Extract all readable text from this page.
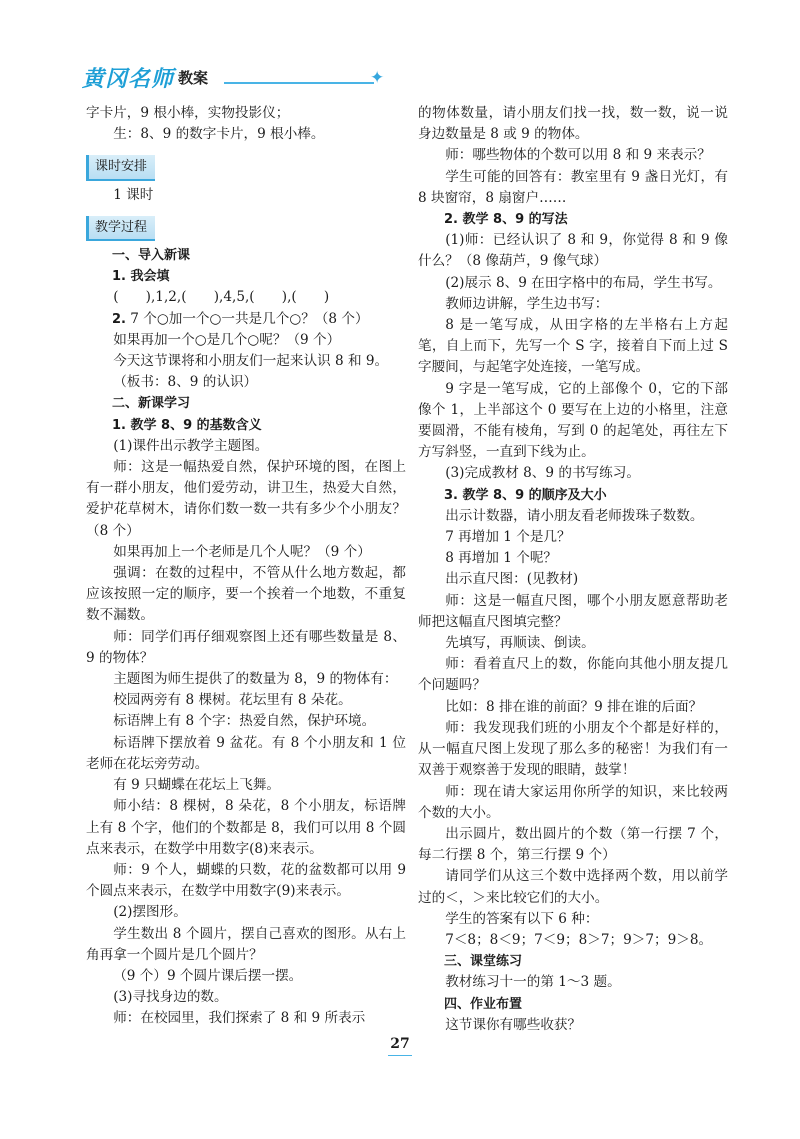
黄冈名师 教案	✦

字卡片，9 根小棒，实物投影仪；

生：8、9 的数字卡片，9 根小棒。

课时安排

1 课时

教学过程

一、导入新课

1. 我会填

(　　),1,2,(　　),4,5,(　　),(　　)

2. 7 个○加一个○一共是几个○？（8 个）

如果再加一个○是几个○呢？（9 个）

今天这节课将和小朋友们一起来认识 8 和 9。

（板书：8、9 的认识）

二、新课学习

1. 教学 8、9 的基数含义

(1)课件出示教学主题图。

师：这是一幅热爱自然，保护环境的图，在图上有一群小朋友，他们爱劳动，讲卫生，热爱大自然，爱护花草树木，请你们数一数一共有多少个小朋友？（8 个）

如果再加上一个老师是几个人呢？（9 个）

强调：在数的过程中，不管从什么地方数起，都应该按照一定的顺序，要一个挨着一个地数，不重复数不漏数。

师：同学们再仔细观察图上还有哪些数量是 8、9 的物体？

主题图为师生提供了的数量为 8，9 的物体有：

校园两旁有 8 棵树。花坛里有 8 朵花。

标语牌上有 8 个字：热爱自然，保护环境。

标语牌下摆放着 9 盆花。有 8 个小朋友和 1 位老师在花坛旁劳动。

有 9 只蝴蝶在花坛上飞舞。

师小结：8 棵树，8 朵花，8 个小朋友，标语牌上有 8 个字，他们的个数都是 8，我们可以用 8 个圆点来表示，在数学中用数字(8)来表示。

师：9 个人，蝴蝶的只数，花的盆数都可以用 9 个圆点来表示，在数学中用数字(9)来表示。

(2)摆图形。

学生数出 8 个圆片，摆自己喜欢的图形。从右上角再拿一个圆片是几个圆片？

（9 个）9 个圆片课后摆一摆。

(3)寻找身边的数。

师：在校园里，我们探索了 8 和 9 所表示

的物体数量，请小朋友们找一找，数一数，说一说身边数量是 8 或 9 的物体。

师：哪些物体的个数可以用 8 和 9 来表示？

学生可能的回答有：教室里有 9 盏日光灯，有 8 块窗帘，8 扇窗户……

2. 教学 8、9 的写法

(1)师：已经认识了 8 和 9，你觉得 8 和 9 像什么？（8 像葫芦，9 像气球）

(2)展示 8、9 在田字格中的布局，学生书写。

教师边讲解，学生边书写：

8 是一笔写成，从田字格的左半格右上方起笔，自上而下，先写一个 S 字，接着自下而上过 S 字腰间，与起笔字处连接，一笔写成。

9 字是一笔写成，它的上部像个 0，它的下部像个 1，上半部这个 0 要写在上边的小格里，注意要圆滑，不能有棱角，写到 0 的起笔处，再往左下方写斜竖，一直到下线为止。

(3)完成教材 8、9 的书写练习。

3. 教学 8、9 的顺序及大小

出示计数器，请小朋友看老师拨珠子数数。

7 再增加 1 个是几？

8 再增加 1 个呢？

出示直尺图：(见教材)

师：这是一幅直尺图，哪个小朋友愿意帮助老师把这幅直尺图填完整？

先填写，再顺读、倒读。

师：看着直尺上的数，你能向其他小朋友提几个问题吗？

比如：8 排在谁的前面？9 排在谁的后面？

师：我发现我们班的小朋友个个都是好样的，从一幅直尺图上发现了那么多的秘密！为我们有一双善于观察善于发现的眼睛，鼓掌！

师：现在请大家运用你所学的知识，来比较两个数的大小。

出示圆片，数出圆片的个数（第一行摆 7 个，每二行摆 8 个，第三行摆 9 个）

请同学们从这三个数中选择两个数，用以前学过的＜，＞来比较它们的大小。

学生的答案有以下 6 种：

7＜8；8＜9；7＜9；8＞7；9＞7；9＞8。

三、课堂练习

教材练习十一的第 1～3 题。

四、作业布置

这节课你有哪些收获？

27
